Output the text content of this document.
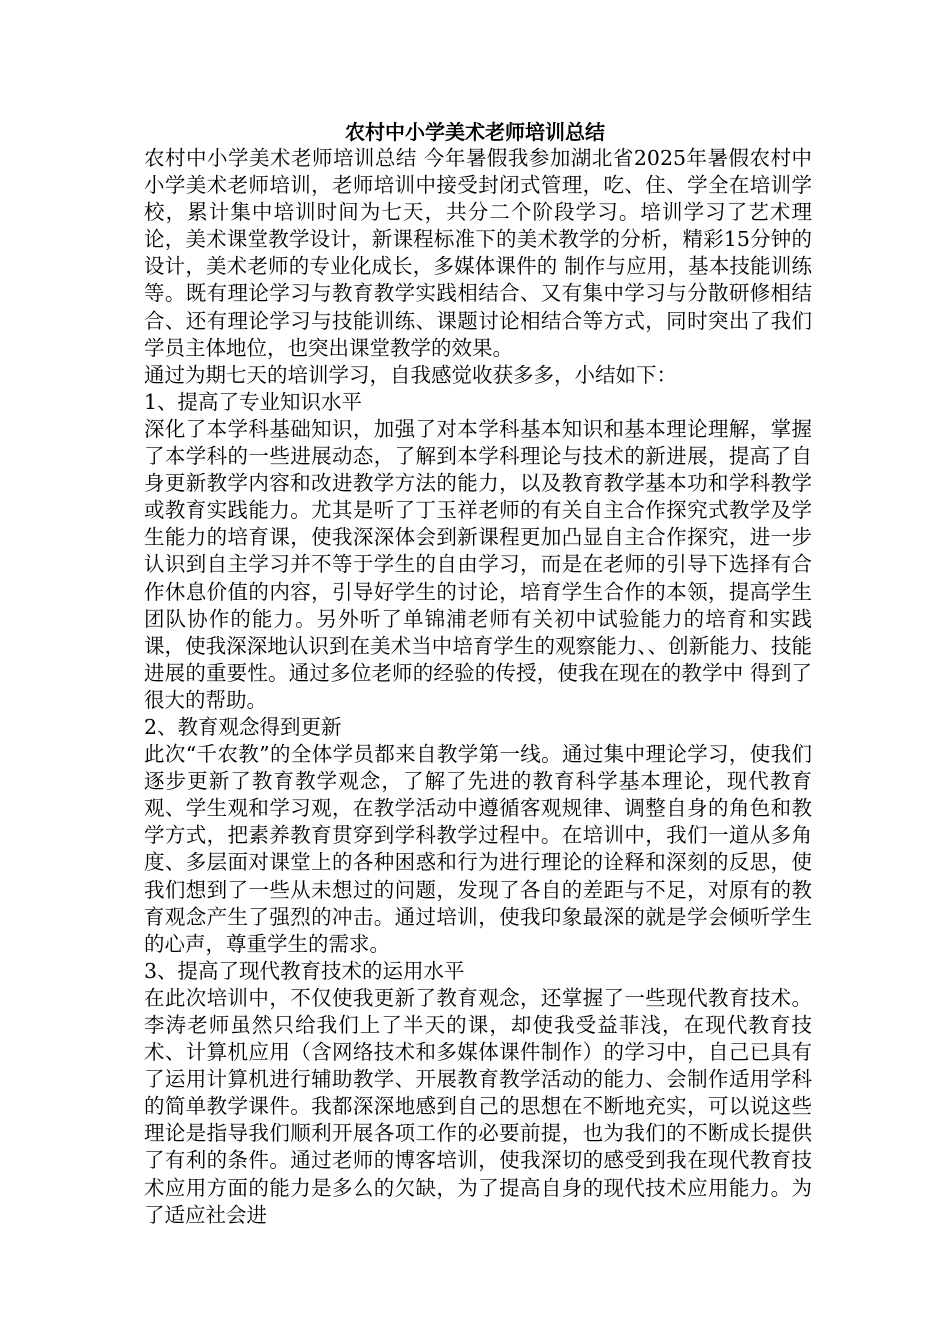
农村中小学美术老师培训总结

农村中小学美术老师培训总结 今年暑假我参加湖北省2025年暑假农村中小学美术老师培训，老师培训中接受封闭式管理，吃、住、学全在培训学校，累计集中培训时间为七天，共分二个阶段学习。培训学习了艺术理论，美术课堂教学设计，新课程标准下的美术教学的分析，精彩15分钟的设计，美术老师的专业化成长，多媒体课件的 制作与应用，基本技能训练等。既有理论学习与教育教学实践相结合、又有集中学习与分散研修相结合、还有理论学习与技能训练、课题讨论相结合等方式，同时突出了我们学员主体地位，也突出课堂教学的效果。

通过为期七天的培训学习，自我感觉收获多多，小结如下：

1、提高了专业知识水平

深化了本学科基础知识，加强了对本学科基本知识和基本理论理解，掌握了本学科的一些进展动态，了解到本学科理论与技术的新进展，提高了自身更新教学内容和改进教学方法的能力，以及教育教学基本功和学科教学或教育实践能力。尤其是听了丁玉祥老师的有关自主合作探究式教学及学生能力的培育课，使我深深体会到新课程更加凸显自主合作探究，进一步认识到自主学习并不等于学生的自由学习，而是在老师的引导下选择有合作休息价值的内容，引导好学生的讨论，培育学生合作的本领，提高学生团队协作的能力。另外听了单锦浦老师有关初中试验能力的培育和实践课，使我深深地认识到在美术当中培育学生的观察能力、、创新能力、技能进展的重要性。通过多位老师的经验的传授，使我在现在的教学中 得到了很大的帮助。

2、教育观念得到更新

此次“千农教”的全体学员都来自教学第一线。通过集中理论学习，使我们逐步更新了教育教学观念，了解了先进的教育科学基本理论，现代教育观、学生观和学习观，在教学活动中遵循客观规律、调整自身的角色和教学方式，把素养教育贯穿到学科教学过程中。在培训中，我们一道从多角度、多层面对课堂上的各种困惑和行为进行理论的诠释和深刻的反思，使我们想到了一些从未想过的问题，发现了各自的差距与不足，对原有的教育观念产生了强烈的冲击。通过培训，使我印象最深的就是学会倾听学生的心声，尊重学生的需求。

3、提高了现代教育技术的运用水平

在此次培训中，不仅使我更新了教育观念，还掌握了一些现代教育技术。李涛老师虽然只给我们上了半天的课，却使我受益菲浅，在现代教育技术、计算机应用（含网络技术和多媒体课件制作）的学习中，自己已具有了运用计算机进行辅助教学、开展教育教学活动的能力、会制作适用学科的简单教学课件。我都深深地感到自己的思想在不断地充实，可以说这些理论是指导我们顺利开展各项工作的必要前提，也为我们的不断成长提供了有利的条件。通过老师的博客培训，使我深切的感受到我在现代教育技术应用方面的能力是多么的欠缺，为了提高自身的现代技术应用能力。为了适应社会进
